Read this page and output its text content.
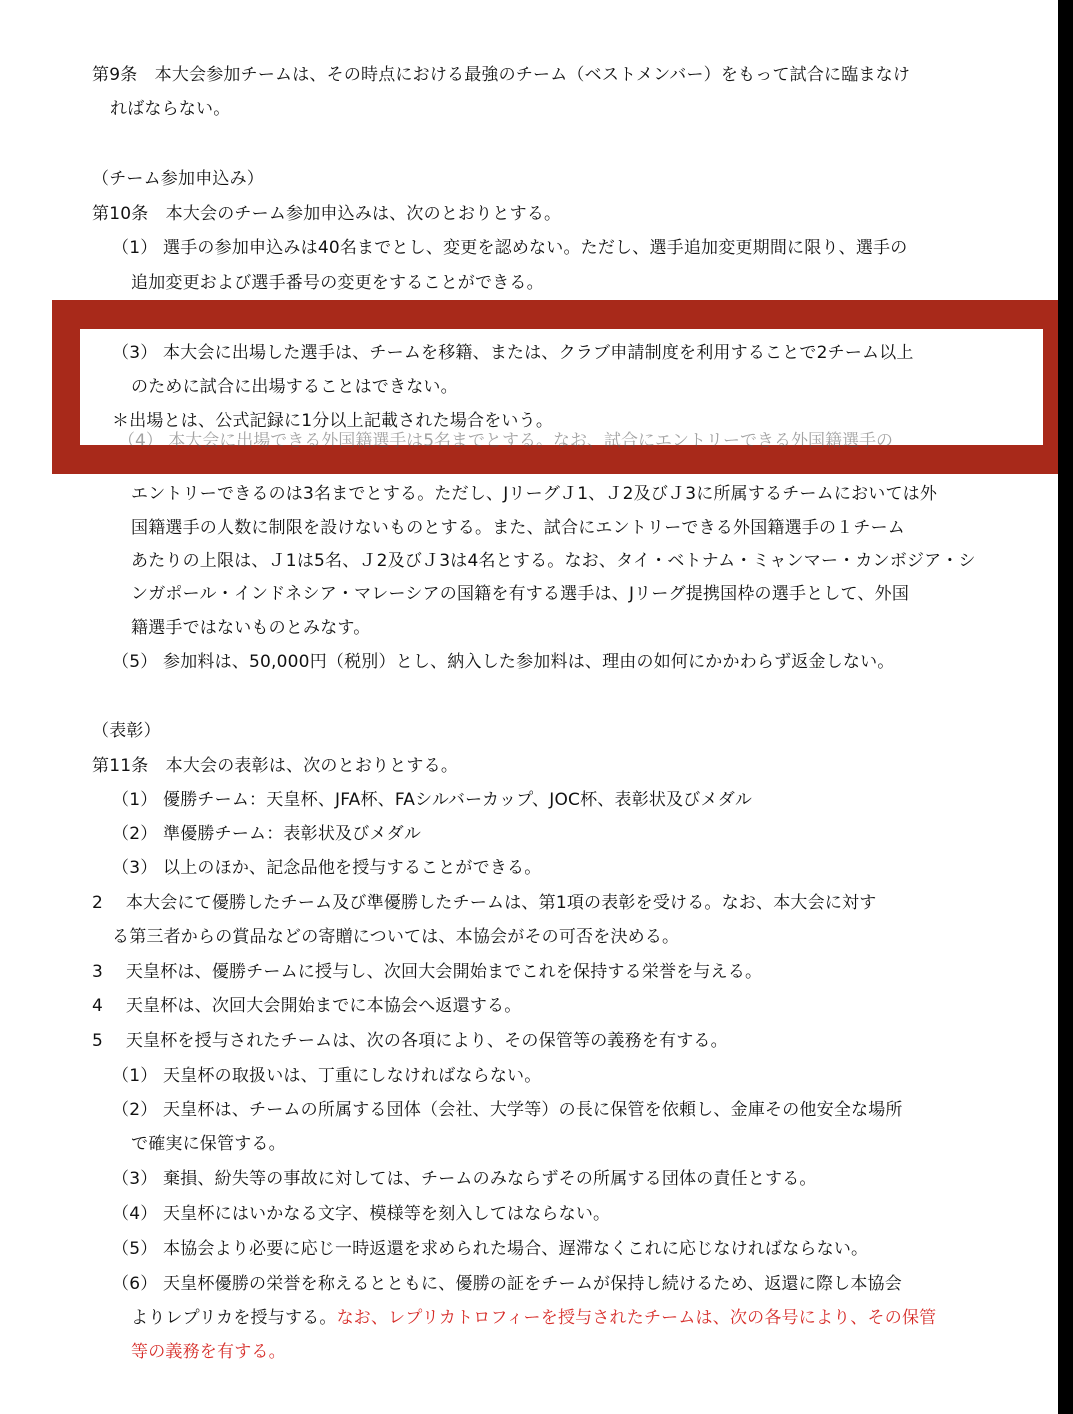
第9条　本大会参加チームは、その時点における最強のチーム（ベストメンバー）をもって試合に臨まなけ

ればならない。

（チーム参加申込み）

第10条　本大会のチーム参加申込みは、次のとおりとする。

（1） 選手の参加申込みは40名までとし、変更を認めない。ただし、選手追加変更期間に限り、選手の

追加変更および選手番号の変更をすることができる。

（3） 本大会に出場した選手は、チームを移籍、または、クラブ申請制度を利用することで2チーム以上

のために試合に出場することはできない。

＊出場とは、公式記録に1分以上記載された場合をいう。

（4） 本大会に出場できる外国籍選手は5名までとする。なお、試合にエントリーできる外国籍選手の

エントリーできるのは3名までとする。ただし、JリーグＪ1、Ｊ2及びＪ3に所属するチームにおいては外

国籍選手の人数に制限を設けないものとする。また、試合にエントリーできる外国籍選手の１チーム

あたりの上限は、Ｊ1は5名、Ｊ2及びＪ3は4名とする。なお、タイ・ベトナム・ミャンマー・カンボジア・シ

ンガポール・インドネシア・マレーシアの国籍を有する選手は、Jリーグ提携国枠の選手として、外国

籍選手ではないものとみなす。

（5） 参加料は、50,000円（税別）とし、納入した参加料は、理由の如何にかかわらず返金しない。

（表彰）

第11条　本大会の表彰は、次のとおりとする。

（1） 優勝チーム：天皇杯、JFA杯、FAシルバーカップ、JOC杯、表彰状及びメダル

（2） 準優勝チーム：表彰状及びメダル

（3） 以上のほか、記念品他を授与することができる。

2　 本大会にて優勝したチーム及び準優勝したチームは、第1項の表彰を受ける。なお、本大会に対す

る第三者からの賞品などの寄贈については、本協会がその可否を決める。

3　 天皇杯は、優勝チームに授与し、次回大会開始までこれを保持する栄誉を与える。

4　 天皇杯は、次回大会開始までに本協会へ返還する。

5　 天皇杯を授与されたチームは、次の各項により、その保管等の義務を有する。

（1） 天皇杯の取扱いは、丁重にしなければならない。

（2） 天皇杯は、チームの所属する団体（会社、大学等）の長に保管を依頼し、金庫その他安全な場所

で確実に保管する。

（3） 棄損、紛失等の事故に対しては、チームのみならずその所属する団体の責任とする。

（4） 天皇杯にはいかなる文字、模様等を刻入してはならない。

（5） 本協会より必要に応じ一時返還を求められた場合、遅滞なくこれに応じなければならない。

（6） 天皇杯優勝の栄誉を称えるとともに、優勝の証をチームが保持し続けるため、返還に際し本協会

よりレプリカを授与する。なお、レプリカトロフィーを授与されたチームは、次の各号により、その保管

等の義務を有する。
